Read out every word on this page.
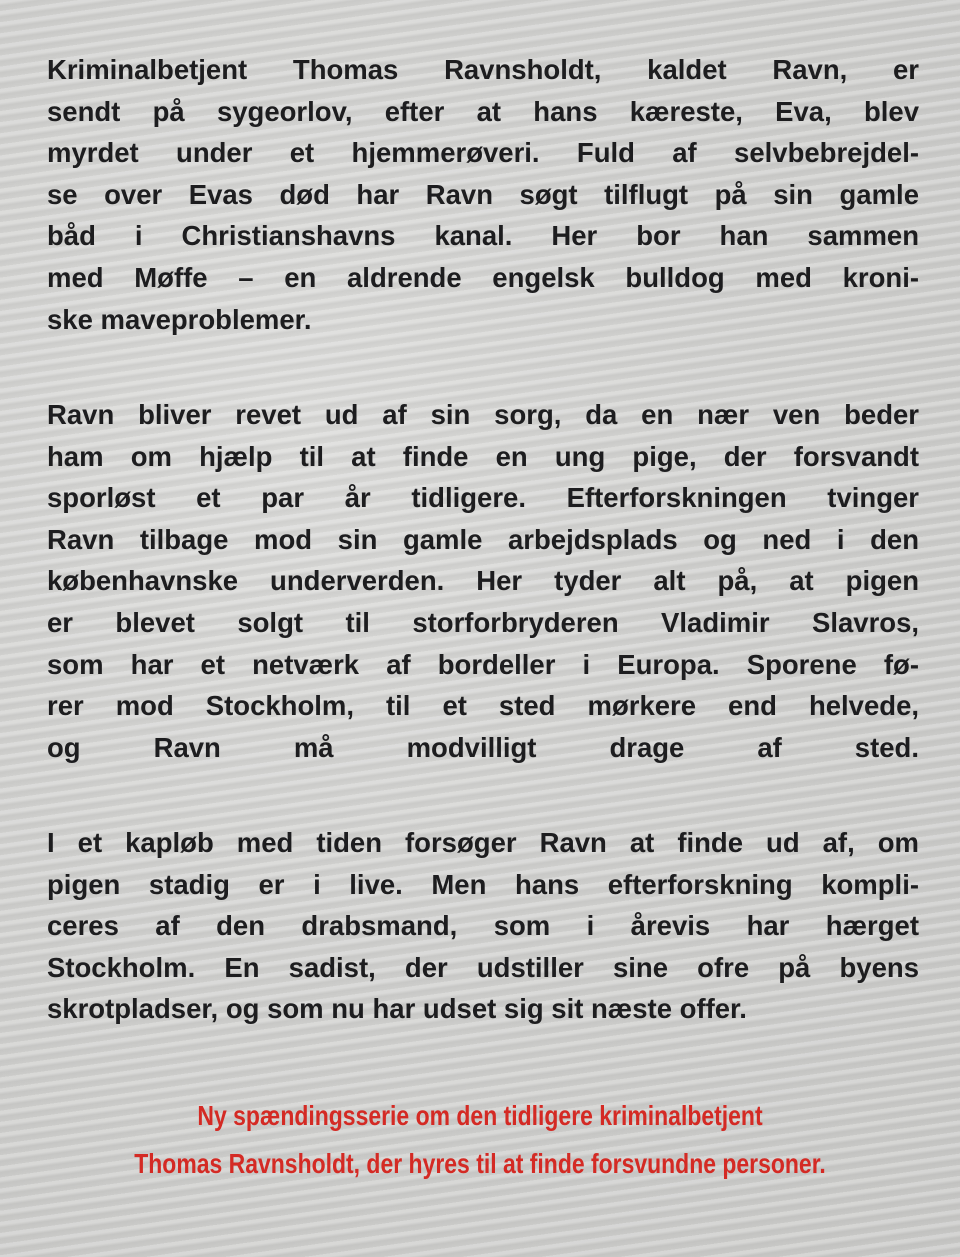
Kriminalbetjent Thomas Ravnsholdt, kaldet Ravn, er
sendt på sygeorlov, efter at hans kæreste, Eva, blev
myrdet under et hjemmerøveri. Fuld af selvbebrejdel-
se over Evas død har Ravn søgt tilflugt på sin gamle
båd i Christianshavns kanal. Her bor han sammen
med Møffe – en aldrende engelsk bulldog med kroni-
ske maveproblemer.
Ravn bliver revet ud af sin sorg, da en nær ven beder
ham om hjælp til at finde en ung pige, der forsvandt
sporløst et par år tidligere. Efterforskningen tvinger
Ravn tilbage mod sin gamle arbejdsplads og ned i den
københavnske underverden. Her tyder alt på, at pigen
er blevet solgt til storforbryderen Vladimir Slavros,
som har et netværk af bordeller i Europa. Sporene fø-
rer mod Stockholm, til et sted mørkere end helvede,
og Ravn må modvilligt drage af sted.
I et kapløb med tiden forsøger Ravn at finde ud af, om
pigen stadig er i live. Men hans efterforskning kompli-
ceres af den drabsmand, som i årevis har hærget
Stockholm. En sadist, der udstiller sine ofre på byens
skrotpladser, og som nu har udset sig sit næste offer.
Ny spændingsserie om den tidligere kriminalbetjent
Thomas Ravnsholdt, der hyres til at finde forsvundne personer.
